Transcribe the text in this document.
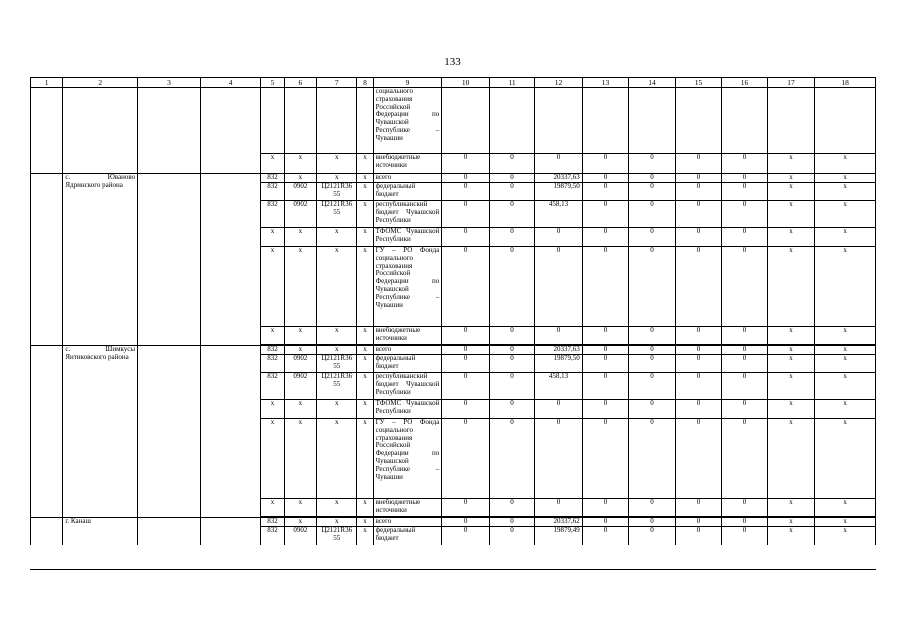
133
1	2	3	4	5	6	7	8	9	10	11	12	13	14	15	16	17	18
								социального страхования Российской Федерации по Чувашской Республике – Чувашии									
				х	х	х	х	внебюджетные источники	0	0	0	0	0	0	0	х	х
	с. Юваново Ядринского района			832	х	х	х	всего	0	0	20337,63	0	0	0	0	х	х
				832	0902	Ц2121R36 55	х	федеральный бюджет	0	0	19879,50	0	0	0	0	х	х
				832	0902	Ц2121R36 55	х	республиканский бюджет Чувашской Республики	0	0	458,13	0	0	0	0	х	х
				х	х	х	х	ТФОМС Чувашской Республики	0	0	0	0	0	0	0	х	х
				х	х	х	х	ГУ – РО Фонда социального страхования Российской Федерации по Чувашской Республике – Чувашии	0	0	0	0	0	0	0	х	х
				х	х	х	х	внебюджетные источники	0	0	0	0	0	0	0	х	х

	с. Шимкусы Янтиковского района			832	х	х	х	всего	0	0	20337,63	0	0	0	0	х	х
				832	0902	Ц2121R36 55	х	федеральный бюджет	0	0	19879,50	0	0	0	0	х	х
				832	0902	Ц2121R36 55	х	республиканский бюджет Чувашской Республики	0	0	458,13	0	0	0	0	х	х
				х	х	х	х	ТФОМС Чувашской Республики	0	0	0	0	0	0	0	х	х
				х	х	х	х	ГУ – РО Фонда социального страхования Российской Федерации по Чувашской Республике – Чувашии	0	0	0	0	0	0	0	х	х
				х	х	х	х	внебюджетные источники	0	0	0	0	0	0	0	х	х

	г. Канаш			832	х	х	х	всего	0	0	20337,62	0	0	0	0	х	х
				832	0902	Ц2121R36 55	х	федеральный бюджет	0	0	19879,49	0	0	0	0	х	х
